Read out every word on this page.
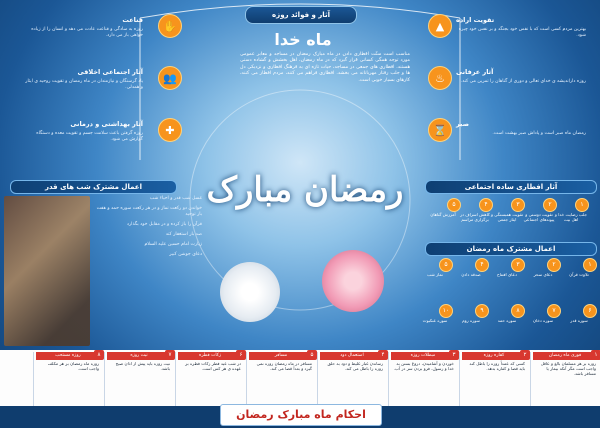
آثار و فوائد روزه
✋
قناعت
روزه به سادگی و قناعت عادت می دهد و انسان را از زیاده خواهی باز می دارد.
👥
آثار اجتماعی اخلاقی
یاد گرسنگان و نیازمندان در ماه رمضان و تقویت روحیه ی ایثار و همدلی.
✚
آثار بهداشتی و درمانی
روزه گرفتن باعث سلامت جسم و تقویت معده و دستگاه گوارش می شود.
▲	تقویت اراده
بهترین مردم کسی است که با نفس خود بجنگد و بر نفس خود چیره شود.
♨	آثار عرفانی
روزه داراندیشه ی خدای تعالی و دوری از گناهان را تمرین می کند.
⌛	صبر
رمضان ماه صبر است و پاداش صبر بهشت است.
ماه خدا
مناسب است سنّت افطاری دادن در ماه مبارک رمضان در مساجد و معابر عمومی مورد توجه همگی کسانی قرار گیرد که در ماه رمضان، اهل بخشش و گشاده دستی هستند. افطاری های جمعی در مساجد، حیات تازه ای به فرهنگ افطاری و نزدیکی دل ها و جلب رفتار مهربانانه می بخشد. افطاری فراهم می کنند، مردم افطار می کنند، کارهای بسیار خوبی است.
رمضان مبارک
اعمال مشترک شب های قدر
غسل شب قدر و احیاء شب
خواندن دو رکعت نماز و در هر رکعت سوره حمد و هفت بار توحید
قرآن را باز کرده و در مقابل خود بگذارد
صد بار استغفار کند
زیارت امام حسین علیه السلام
دعای جوشن کبیر
آثار افطاری ساده اجتماعی
۱
جلب رضایت خدا و اهل بیت
۲
تقویت دوستی و پیوندهای اجتماعی
۳
تقویت همبستگی و ایثار جمعی
۴
کاهش اسراف در برگزاری مراسم
۵
آمرزش گناهان
اعمال مشترک ماه رمضان
۱
تلاوت قرآن
۲
دعای سحر
۳
دعای افتتاح
۴
صدقه دادن
۵
نماز شب
۶
سوره قدر
۷
سوره دخان
۸
سوره حمد
۹
سوره روم
۱۰
سوره عنکبوت
۱
فوری ماه رمضان
روزه بر هر مسلمان بالغ و عاقل واجب است مگر آنکه بیمار یا مسافر باشد.
۲
کفاره روزه
کسی که عمداً روزه را باطل کند باید قضا و کفاره بدهد.
۳
مبطلات روزه
خوردن و آشامیدن، دروغ بستن به خدا و رسول، فرو بردن سر در آب.
۴
استعمال دود
رساندن غبار غلیظ و دود به حلق روزه را باطل می کند.
۵
مسافر
مسافر در ماه رمضان روزه نمی گیرد و بعداً قضا می کند.
۶
زکات فطره
در شب عید فطر زکات فطره بر عهده ی هر کس است.
۷
نیت روزه
نیت روزه باید پیش از اذان صبح باشد.
۸
روزه مستحب
روزه ماه رمضان بر هر مکلف واجب است.
احکام ماه مبارک رمضان
